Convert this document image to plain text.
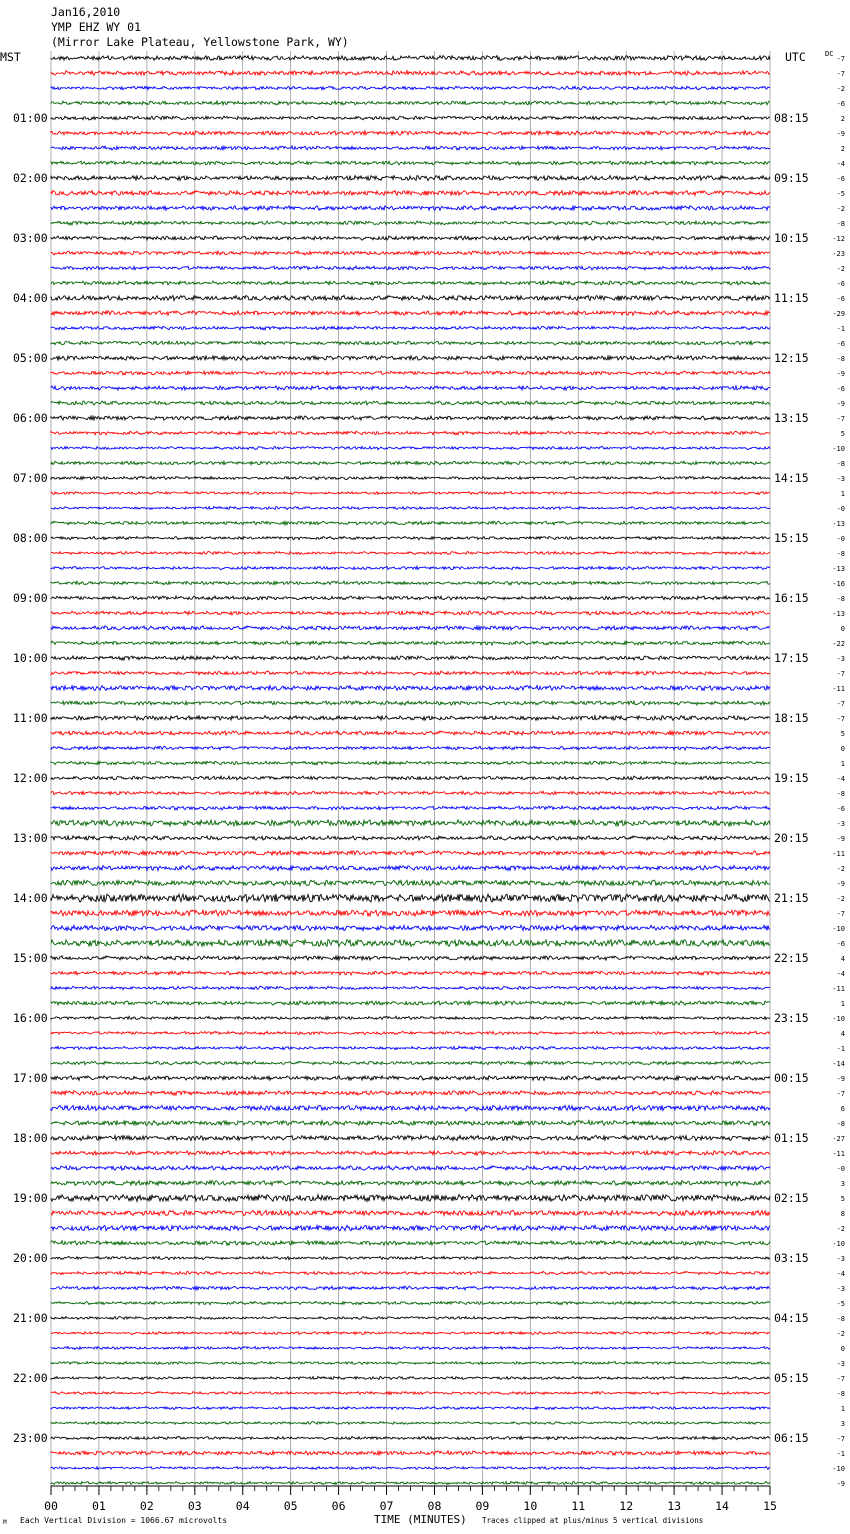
Jan16,2010
YMP EHZ WY 01
(Mirror Lake Plateau, Yellowstone Park, WY)
MST	UTC	DC
01:00
02:00
03:00
04:00
05:00
06:00
07:00
08:00
09:00
10:00
11:00
12:00
13:00
14:00
15:00
16:00
17:00
18:00
19:00
20:00
21:00
22:00
23:00
08:15
09:15
10:15
11:15
12:15
13:15
14:15
15:15
16:15
17:15
18:15
19:15
20:15
21:15
22:15
23:15
00:15
01:15
02:15
03:15
04:15
05:15
06:15
-7
-7
-2
-6
2
-9
2
-4
-6
-5
-2
-8
-12
-23
-2
-6
-6
-29
-1
-6
-8
-9
-6
-9
-7
5
-10
-8
-3
1
-0
-13
-0
-8
-13
-16
-8
-13
0
-22
-3
-7
-11
-7
-7
5
0
1
-4
-8
-6
-3
-9
-11
-2
-9
-2
-7
-10
-6
4
-4
-11
1
-10
4
-1
-14
-9
-7
6
-8
-27
-11
-0
3
5
8
-2
-10
-3
-4
-3
-5
-8
-2
0
-3
-7
-8
1
3
-7
-1
-10
-9
00	01	02	03	04	05	06	07	08	09	10	11	12	13	14	15
M Each Vertical Division = 1066.67 microvolts	TIME (MINUTES) Traces clipped at plus/minus 5 vertical divisions
